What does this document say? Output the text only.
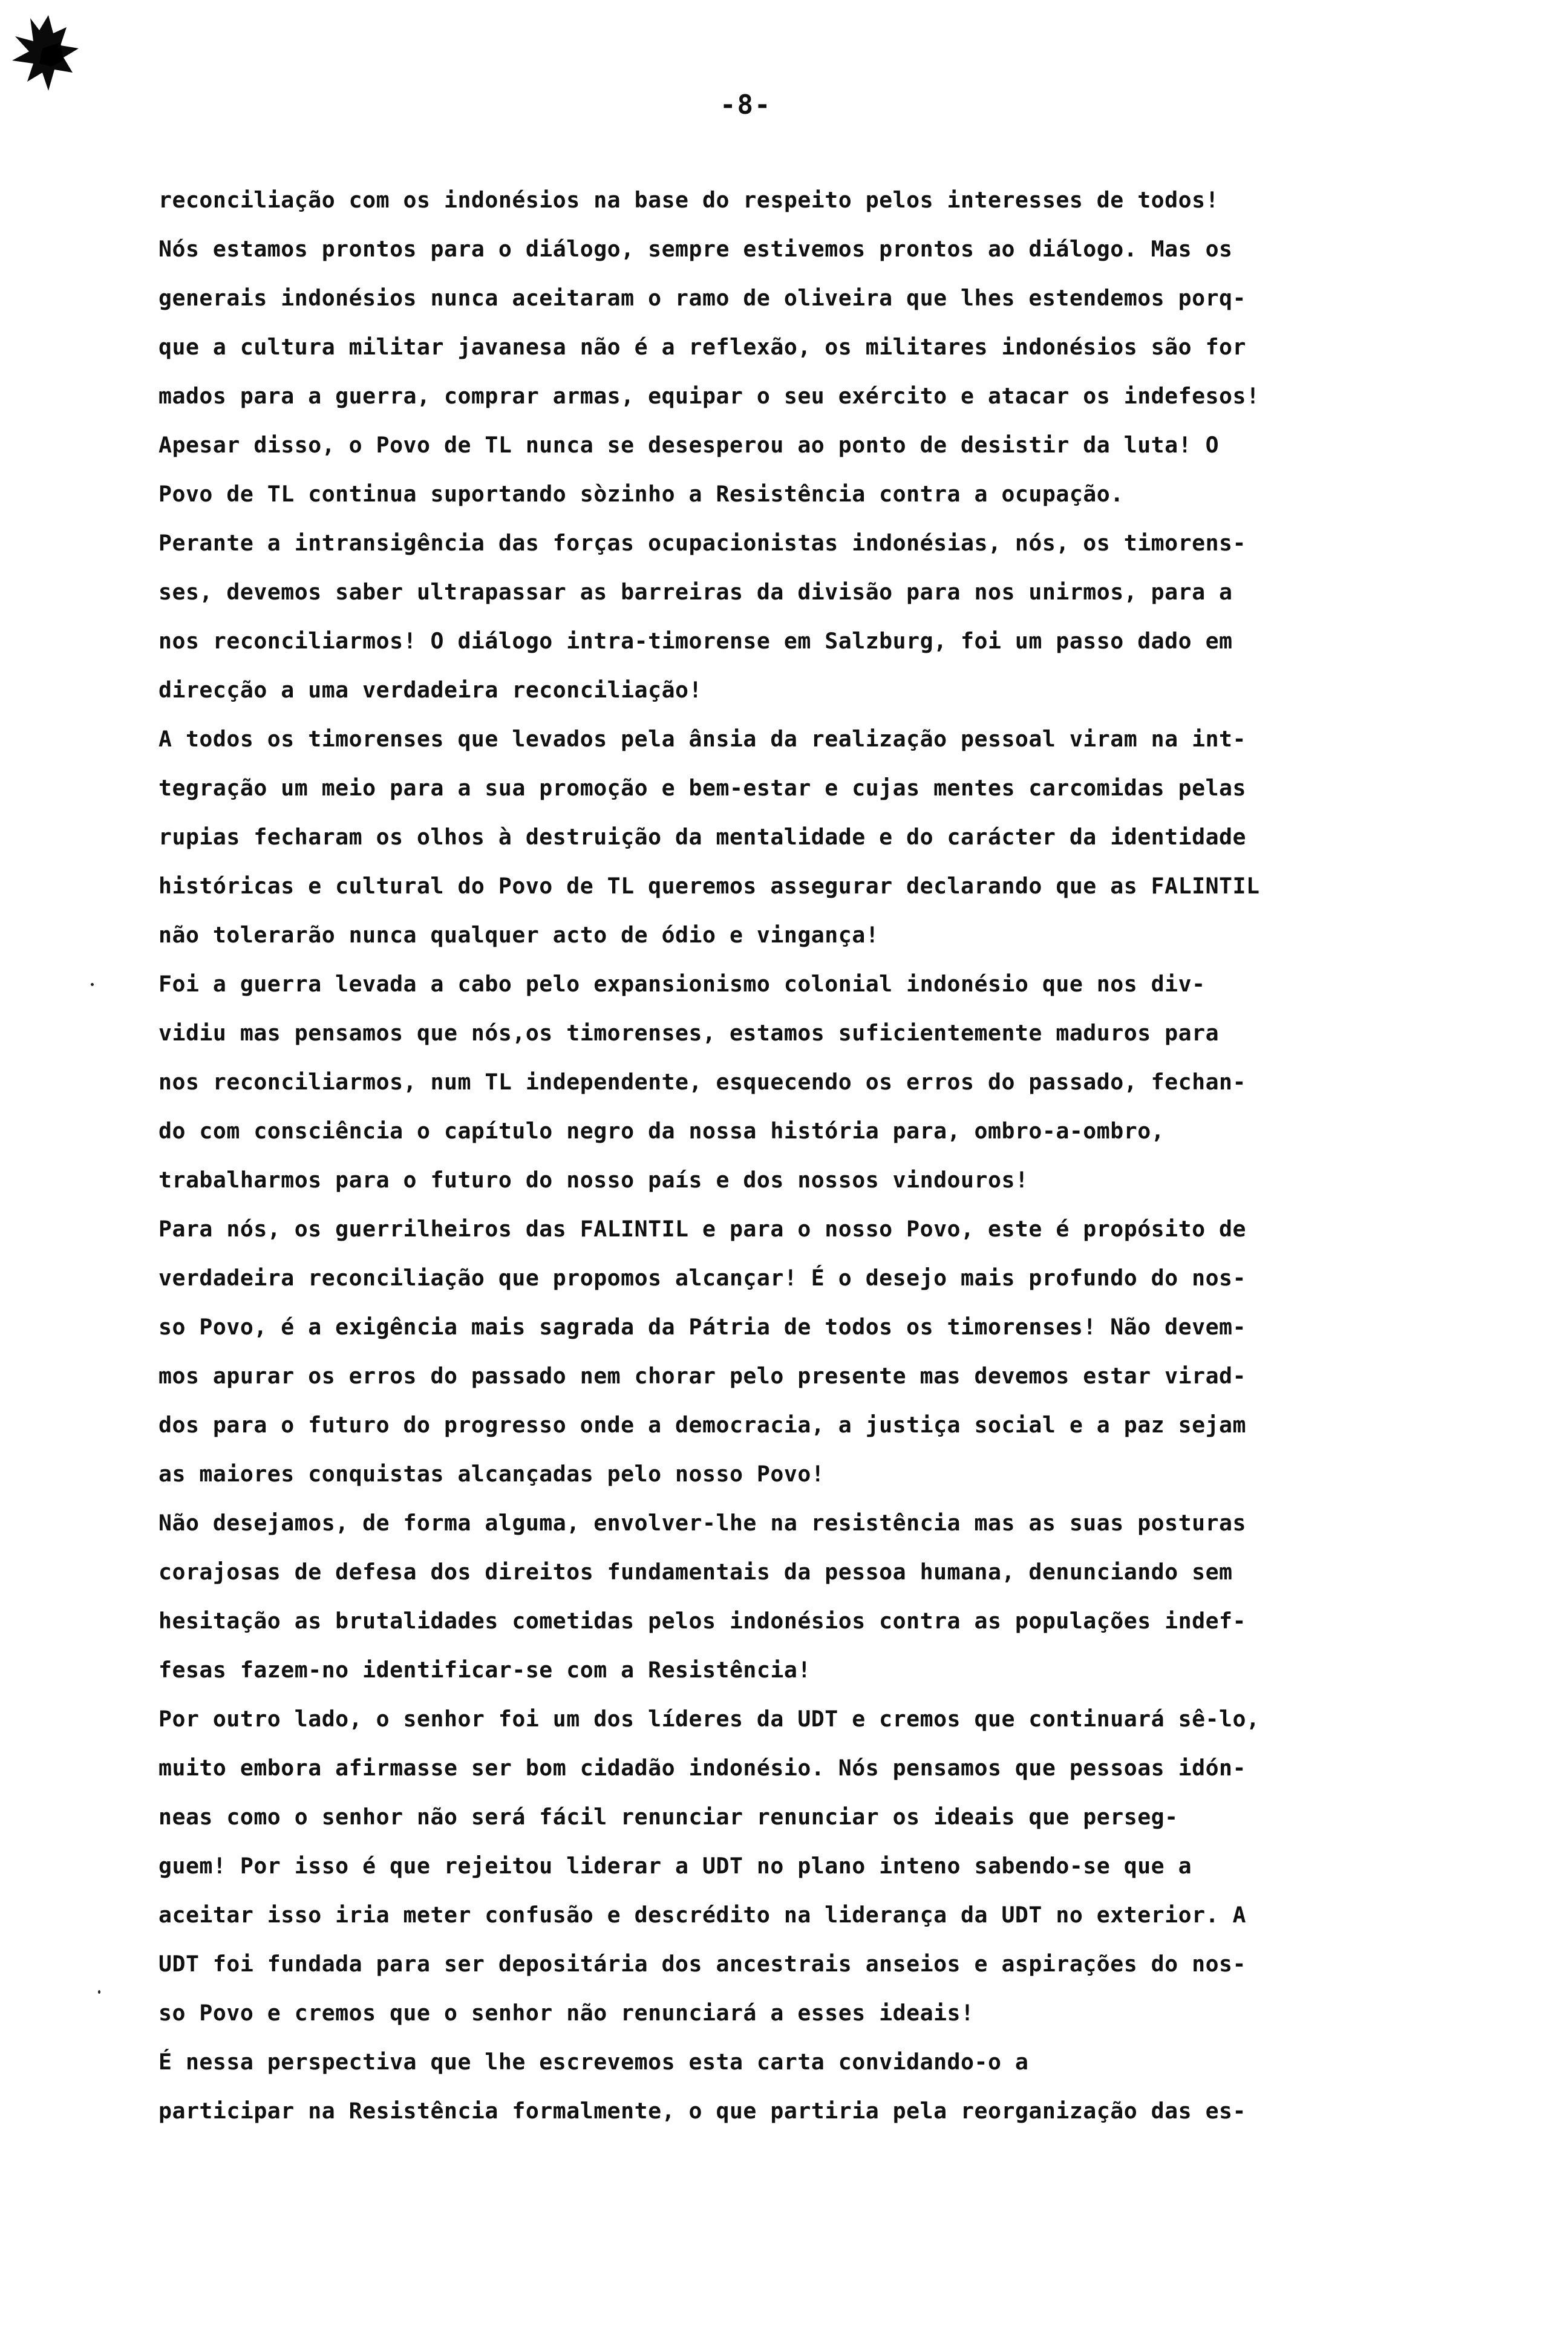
-8-
reconciliação com os indonésios na base do respeito pelos interesses de todos!
Nós estamos prontos para o diálogo, sempre estivemos prontos ao diálogo. Mas os
generais indonésios nunca aceitaram o ramo de oliveira que lhes estendemos porq-
que a cultura militar javanesa não é a reflexão, os militares indonésios são for
mados para a guerra, comprar armas, equipar o seu exército e atacar os indefesos!
Apesar disso, o Povo de TL nunca se desesperou ao ponto de desistir da luta! O
Povo de TL continua suportando sòzinho a Resistência contra a ocupação.
Perante a intransigência das forças ocupacionistas indonésias, nós, os timorens-
ses, devemos saber ultrapassar as barreiras da divisão para nos unirmos, para a
nos reconciliarmos! O diálogo intra-timorense em Salzburg, foi um passo dado em
direcção a uma verdadeira reconciliação!
A todos os timorenses que levados pela ânsia da realização pessoal viram na int-
tegração um meio para a sua promoção e bem-estar e cujas mentes carcomidas pelas
rupias fecharam os olhos à destruição da mentalidade e do carácter da identidade
históricas e cultural do Povo de TL queremos assegurar declarando que as FALINTIL
não tolerarão nunca qualquer acto de ódio e vingança!
Foi a guerra levada a cabo pelo expansionismo colonial indonésio que nos div-
vidiu mas pensamos que nós,os timorenses, estamos suficientemente maduros para
nos reconciliarmos, num TL independente, esquecendo os erros do passado, fechan-
do com consciência o capítulo negro da nossa história para, ombro-a-ombro,
trabalharmos para o futuro do nosso país e dos nossos vindouros!
Para nós, os guerrilheiros das FALINTIL e para o nosso Povo, este é propósito de
verdadeira reconciliação que propomos alcançar! É o desejo mais profundo do nos-
so Povo, é a exigência mais sagrada da Pátria de todos os timorenses! Não devem-
mos apurar os erros do passado nem chorar pelo presente mas devemos estar virad-
dos para o futuro do progresso onde a democracia, a justiça social e a paz sejam
as maiores conquistas alcançadas pelo nosso Povo!
Não desejamos, de forma alguma, envolver-lhe na resistência mas as suas posturas
corajosas de defesa dos direitos fundamentais da pessoa humana, denunciando sem
hesitação as brutalidades cometidas pelos indonésios contra as populações indef-
fesas fazem-no identificar-se com a Resistência!
Por outro lado, o senhor foi um dos líderes da UDT e cremos que continuará sê-lo,
muito embora afirmasse ser bom cidadão indonésio. Nós pensamos que pessoas idón-
neas como o senhor não será fácil renunciar renunciar os ideais que perseg-
guem! Por isso é que rejeitou liderar a UDT no plano inteno sabendo-se que a
aceitar isso iria meter confusão e descrédito na liderança da UDT no exterior. A
UDT foi fundada para ser depositária dos ancestrais anseios e aspirações do nos-
so Povo e cremos que o senhor não renunciará a esses ideais!
É nessa perspectiva que lhe escrevemos esta carta convidando-o a
participar na Resistência formalmente, o que partiria pela reorganização das es-
